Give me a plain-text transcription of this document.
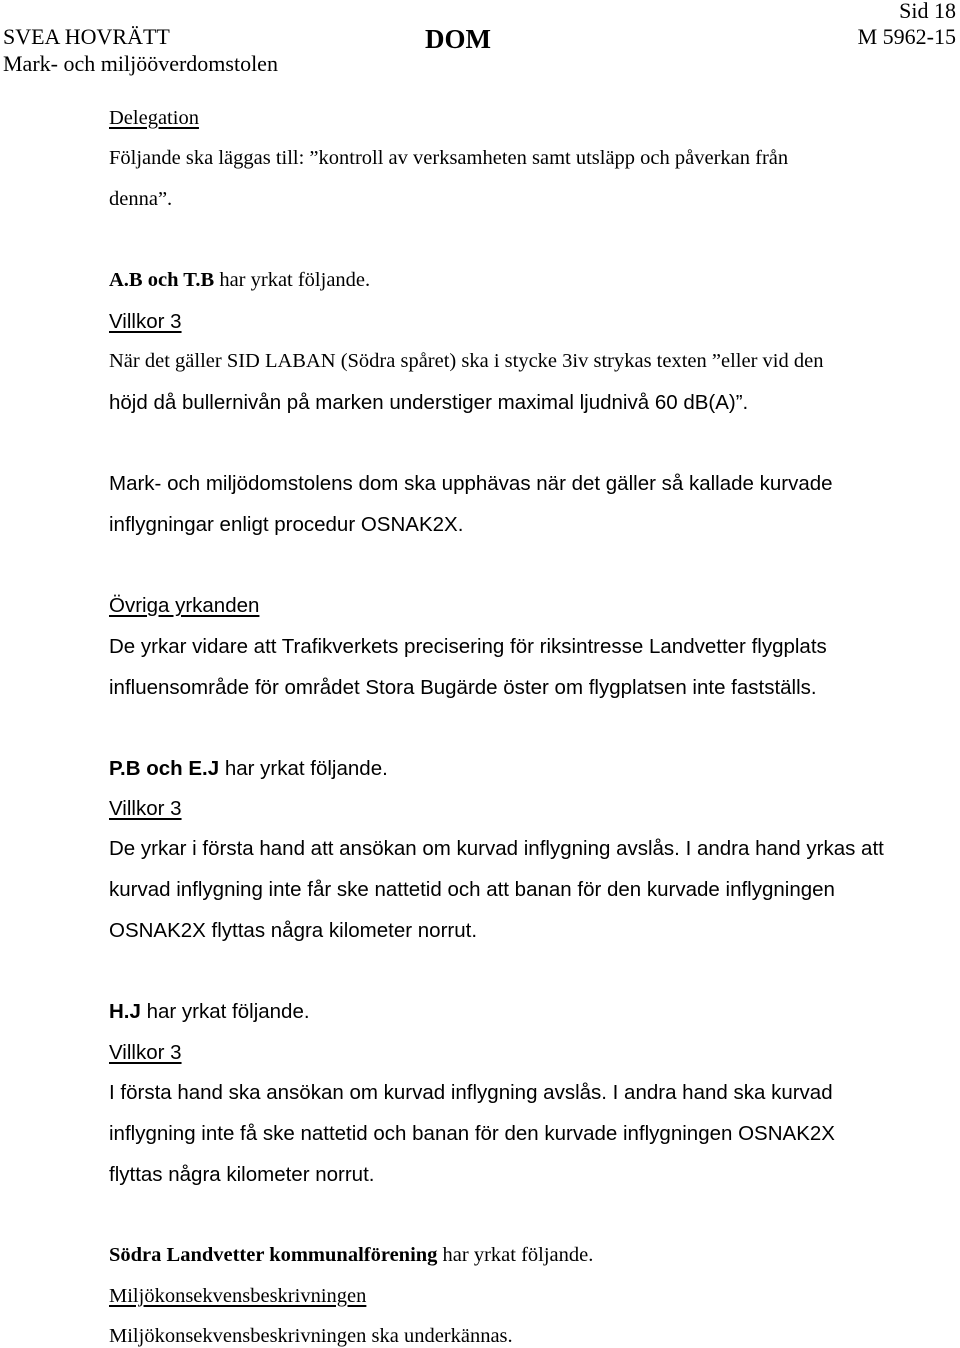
SVEA HOVRÄTT
Mark- och miljööverdomstolen
DOM
Sid 18
M 5962-15
Delegation
Följande ska läggas till: ”kontroll av verksamheten samt utsläpp och påverkan från
denna”.
A.B och T.B har yrkat följande.
Villkor 3
När det gäller SID LABAN (Södra spåret) ska i stycke 3iv strykas texten ”eller vid den
höjd då bullernivån på marken understiger maximal ljudnivå 60 dB(A)”.
Mark- och miljödomstolens dom ska upphävas när det gäller så kallade kurvade
inflygningar enligt procedur OSNAK2X.
Övriga yrkanden
De yrkar vidare att Trafikverkets precisering för riksintresse Landvetter flygplats
influensområde för området Stora Bugärde öster om flygplatsen inte fastställs.
P.B och E.J har yrkat följande.
Villkor 3
De yrkar i första hand att ansökan om kurvad inflygning avslås. I andra hand yrkas att
kurvad inflygning inte får ske nattetid och att banan för den kurvade inflygningen
OSNAK2X flyttas några kilometer norrut.
H.J har yrkat följande.
Villkor 3
I första hand ska ansökan om kurvad inflygning avslås. I andra hand ska kurvad
inflygning inte få ske nattetid och banan för den kurvade inflygningen OSNAK2X
flyttas några kilometer norrut.
Södra Landvetter kommunalförening har yrkat följande.
Miljökonsekvensbeskrivningen
Miljökonsekvensbeskrivningen ska underkännas.
